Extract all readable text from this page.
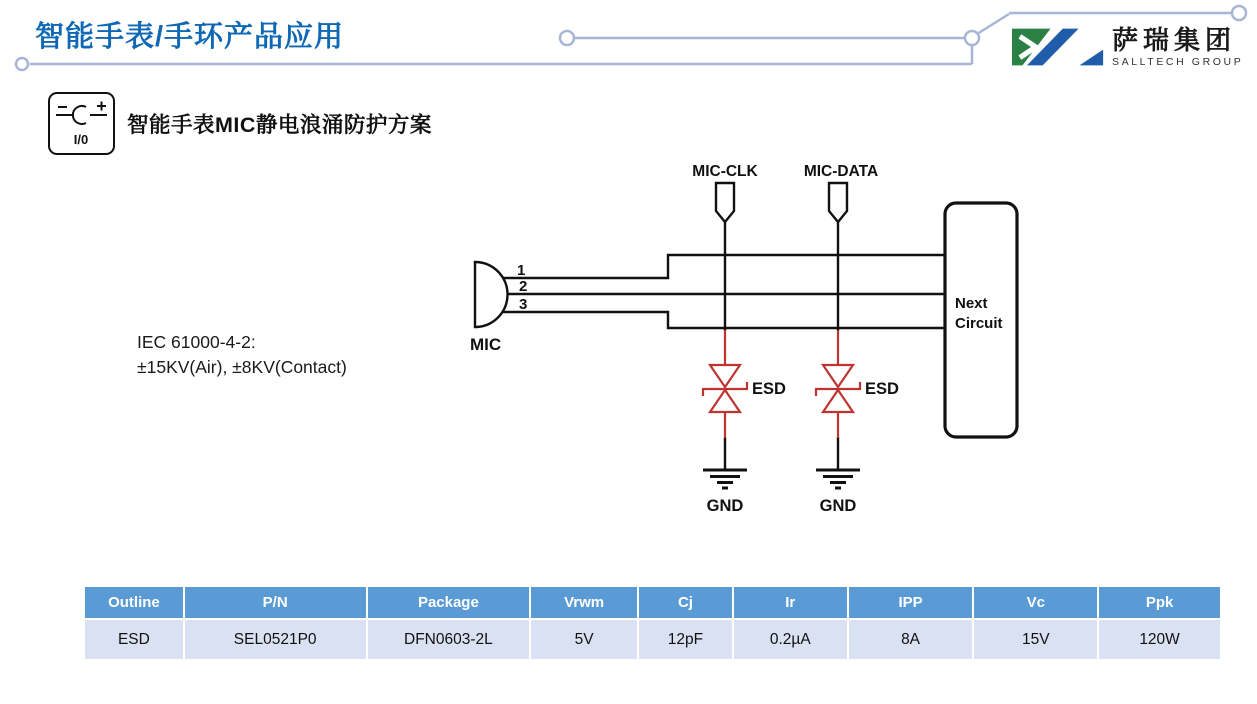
智能手表/手环产品应用	萨瑞集团
SALLTECH GROUP
I/0
智能手表MIC静电浪涌防护方案
MIC-CLK	MIC-DATA
1
2
3
MIC
ESD	ESD
GND	GND
Next
Circuit
IEC 61000-4-2:
±15KV(Air), ±8KV(Contact)
Outline	P/N	Package	Vrwm	Cj	Ir	IPP	Vc	Ppk
ESD	SEL0521P0	DFN0603-2L	5V	12pF	0.2µA	8A	15V	120W
